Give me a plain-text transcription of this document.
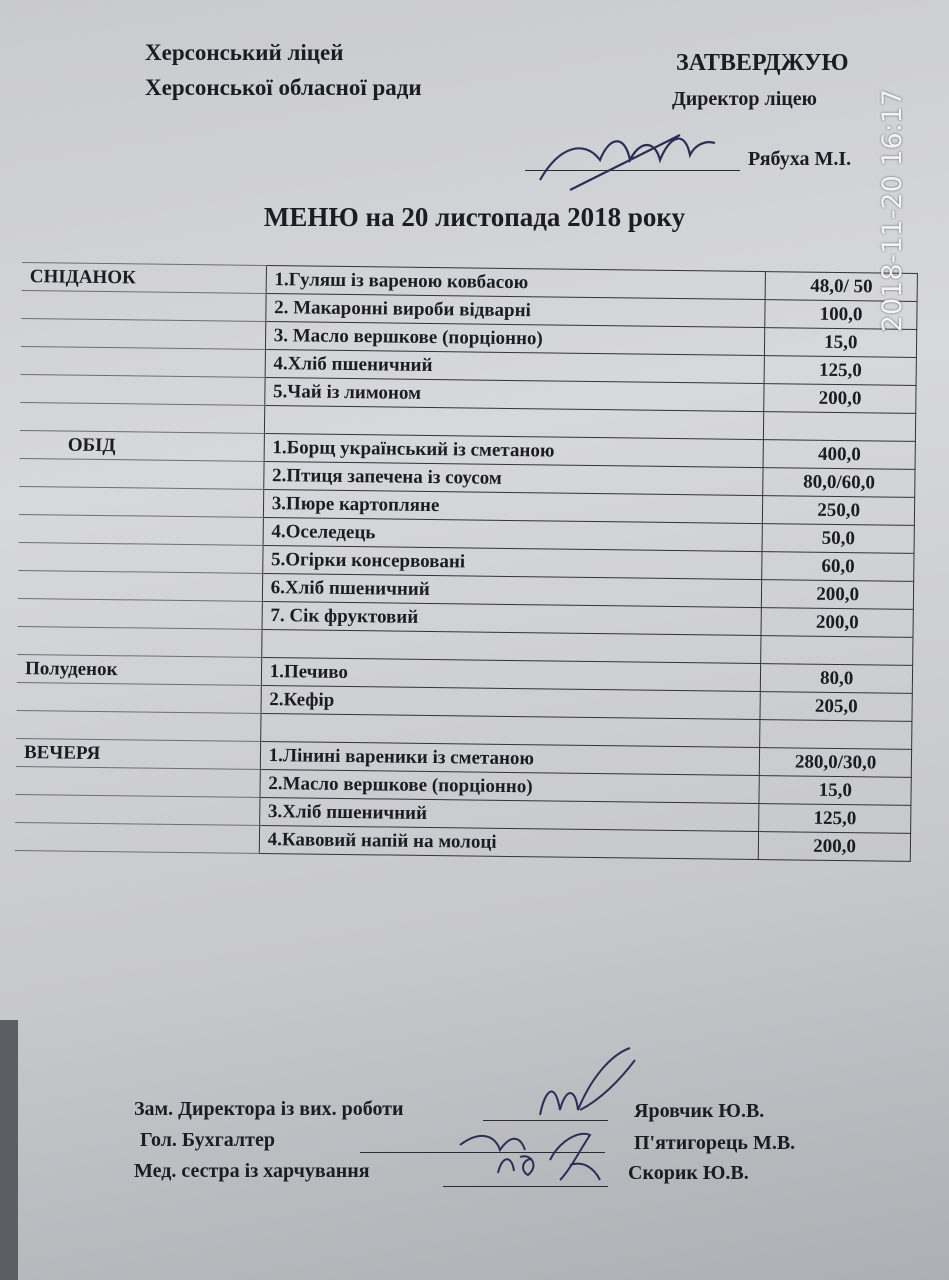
Херсонський ліцей
Херсонської обласної ради
ЗАТВЕРДЖУЮ
Директор ліцею
Рябуха М.І.
МЕНЮ на 20 листопада 2018 року
СНІДАНОК	1.Гуляш із вареною ковбасою	48,0/ 50
	2. Макаронні вироби відварні	100,0
	3. Масло вершкове (порціонно)	15,0
	4.Хліб пшеничний	125,0
	5.Чай із лимоном	200,0

ОБІД	1.Борщ український із сметаною	400,0
	2.Птиця запечена із соусом	80,0/60,0
	3.Пюре картопляне	250,0
	4.Оселедець	50,0
	5.Огірки консервовані	60,0
	6.Хліб пшеничний	200,0
	7. Сік фруктовий	200,0

Полуденок	1.Печиво	80,0
	2.Кефір	205,0

ВЕЧЕРЯ	1.Лінині вареники із сметаною	280,0/30,0
	2.Масло вершкове (порціонно)	15,0
	3.Хліб пшеничний	125,0
	4.Кавовий напій на молоці	200,0
2018-11-20 16:17
Зам. Директора із вих. роботи	Яровчик Ю.В.
Гол. Бухгалтер	П'ятигорець М.В.
Мед. сестра із харчування	Скорик Ю.В.
